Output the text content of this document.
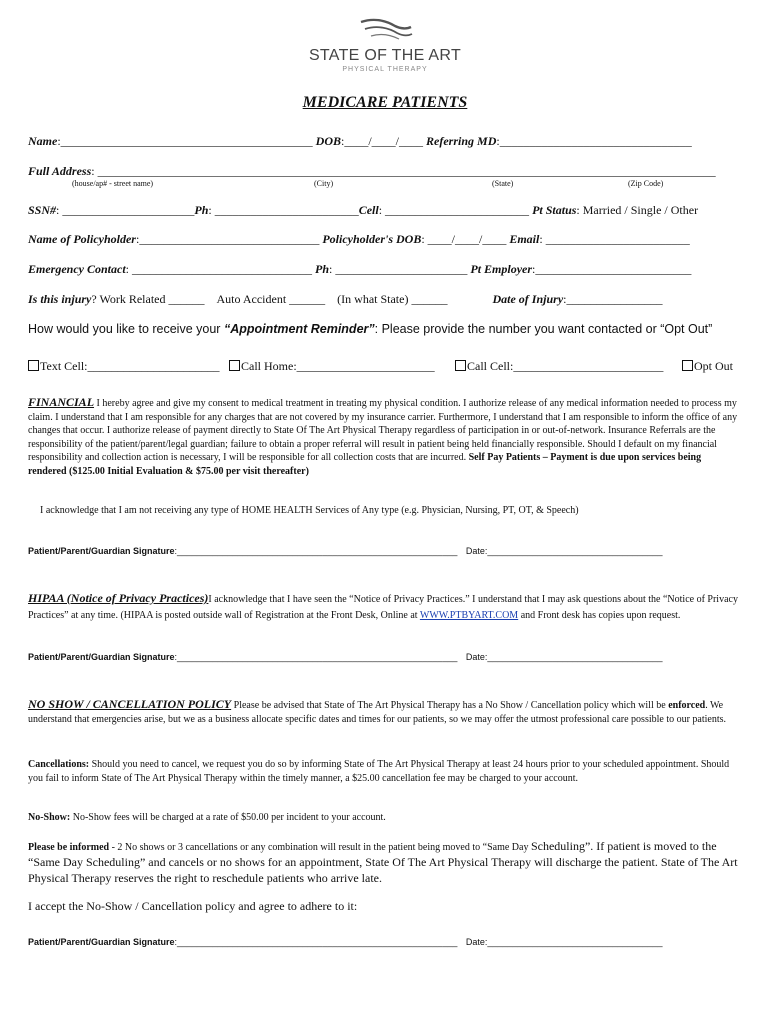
STATE OF THE ART
PHYSICAL THERAPY
MEDICARE PATIENTS
Name:__________________________________________ DOB:____/____/____ Referring MD:________________________________
Full Address: _______________________________________________________________________________________________________
(house/ap# - street name)	(City)	(State)	(Zip Code)
SSN#: ______________________Ph: ________________________Cell: ________________________ Pt Status: Married / Single / Other
Name of Policyholder:______________________________ Policyholder's DOB: ____/____/____ Email: ________________________
Emergency Contact: ______________________________ Ph: ______________________ Pt Employer:__________________________
Is this injury? Work Related ______ Auto Accident ______ (In what State) ______	Date of Injury:________________
How would you like to receive your “Appointment Reminder”: Please provide the number you want contacted or “Opt Out”
Text Cell:______________________	Call Home:_______________________	Call Cell:_________________________	Opt Out
FINANCIAL I hereby agree and give my consent to medical treatment in treating my physical condition. I authorize release of any medical information needed to process my claim. I understand that I am responsible for any charges that are not covered by my insurance carrier. Furthermore, I understand that I am responsible to inform the office of any changes that occur. I authorize release of payment directly to State Of The Art Physical Therapy regardless of participation in or out-of-network. Insurance Referrals are the responsibility of the patient/parent/legal guardian; failure to obtain a proper referral will result in patient being held financially responsible. Should I default on my financial responsibility and collection action is necessary, I will be responsible for all collection costs that are incurred. Self Pay Patients – Payment is due upon services being rendered ($125.00 Initial Evaluation & $75.00 per visit thereafter)
I acknowledge that I am not receiving any type of HOME HEALTH Services of Any type (e.g. Physician, Nursing, PT, OT, & Speech)
Patient/Parent/Guardian Signature:________________________________________________________ Date:___________________________________
HIPAA (Notice of Privacy Practices)I acknowledge that I have seen the “Notice of Privacy Practices.” I understand that I may ask questions about the “Notice of Privacy Practices” at any time. (HIPAA is posted outside wall of Registration at the Front Desk, Online at WWW.PTBYART.COM and Front desk has copies upon request.
Patient/Parent/Guardian Signature:________________________________________________________ Date:___________________________________
NO SHOW / CANCELLATION POLICY Please be advised that State of The Art Physical Therapy has a No Show / Cancellation policy which will be enforced. We understand that emergencies arise, but we as a business allocate specific dates and times for our patients, so we may offer the utmost professional care possible to our patients.
Cancellations: Should you need to cancel, we request you do so by informing State of The Art Physical Therapy at least 24 hours prior to your scheduled appointment. Should you fail to inform State of The Art Physical Therapy within the timely manner, a $25.00 cancellation fee may be charged to your account.
No-Show: No-Show fees will be charged at a rate of $50.00 per incident to your account.
Please be informed - 2 No shows or 3 cancellations or any combination will result in the patient being moved to “Same Day Scheduling”. If patient is moved to the “Same Day Scheduling” and cancels or no shows for an appointment, State Of The Art Physical Therapy will discharge the patient. State of The Art Physical Therapy reserves the right to reschedule patients who arrive late.
I accept the No-Show / Cancellation policy and agree to adhere to it:
Patient/Parent/Guardian Signature:________________________________________________________ Date:___________________________________
